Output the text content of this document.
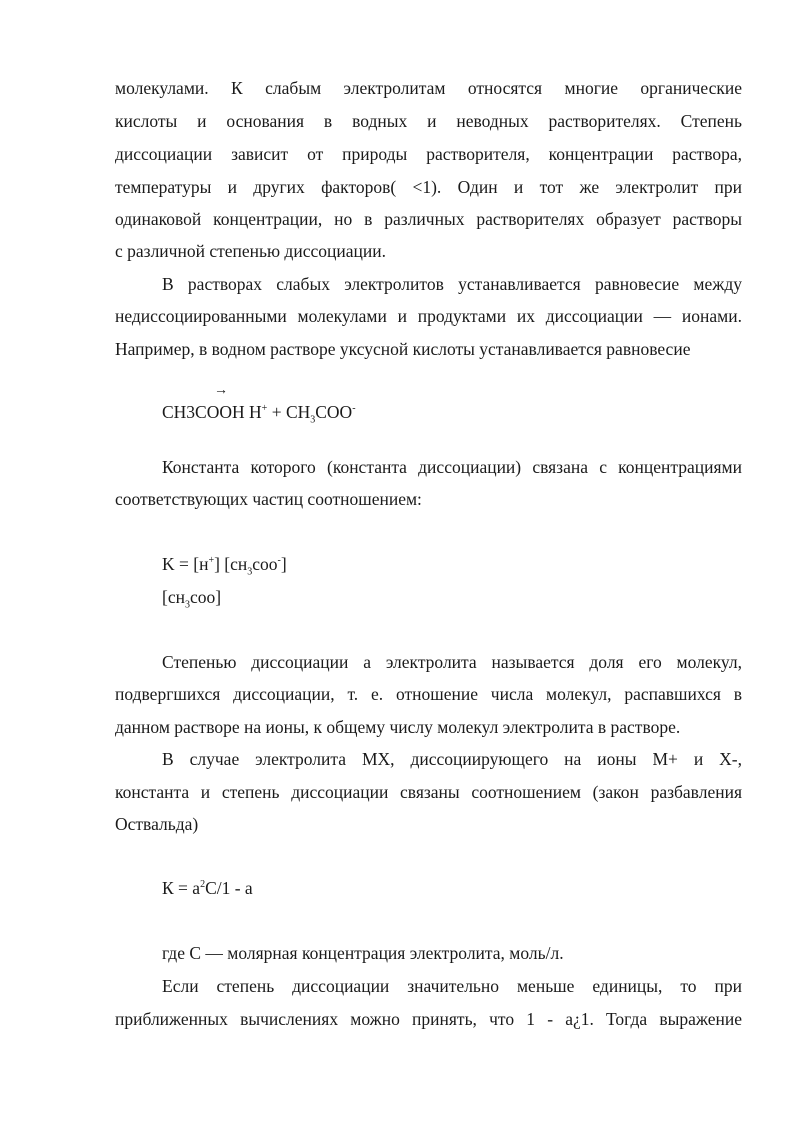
молекулами. К слабым электролитам относятся многие органические
кислоты и основания в водных и неводных растворителях. Степень
диссоциации зависит от природы растворителя, концентрации раствора,
температуры и других факторов( <1). Один и тот же электролит при
одинаковой концентрации, но в различных растворителях образует растворы
с различной степенью диссоциации.
В растворах слабых электролитов устанавливается равновесие между
недиссоциированными молекулами и продуктами их диссоциации — ионами.
Например, в водном растворе уксусной кислоты устанавливается равновесие
→
CH3COOH $H^+ + CH_3COO^-$
Константа которого (константа диссоциации) связана с концентрациями
соответствующих частиц соотношением:
K = [н+] $[сн_3соо^-]$
$[сн_3соо]$
Степенью диссоциации а электролита называется доля его молекул,
подвергшихся диссоциации, т. е. отношение числа молекул, распавшихся в
данном растворе на ионы, к общему числу молекул электролита в растворе.
В случае электролита МХ, диссоциирующего на ионы М+ и Х-,
константа и степень диссоциации связаны соотношением (закон разбавления
Оствальда)
$К = а^2С/1 - а$
где С — молярная концентрация электролита, моль/л.
Если степень диссоциации значительно меньше единицы, то при
приближенных вычислениях можно принять, что 1 - а¿1. Тогда выражение
